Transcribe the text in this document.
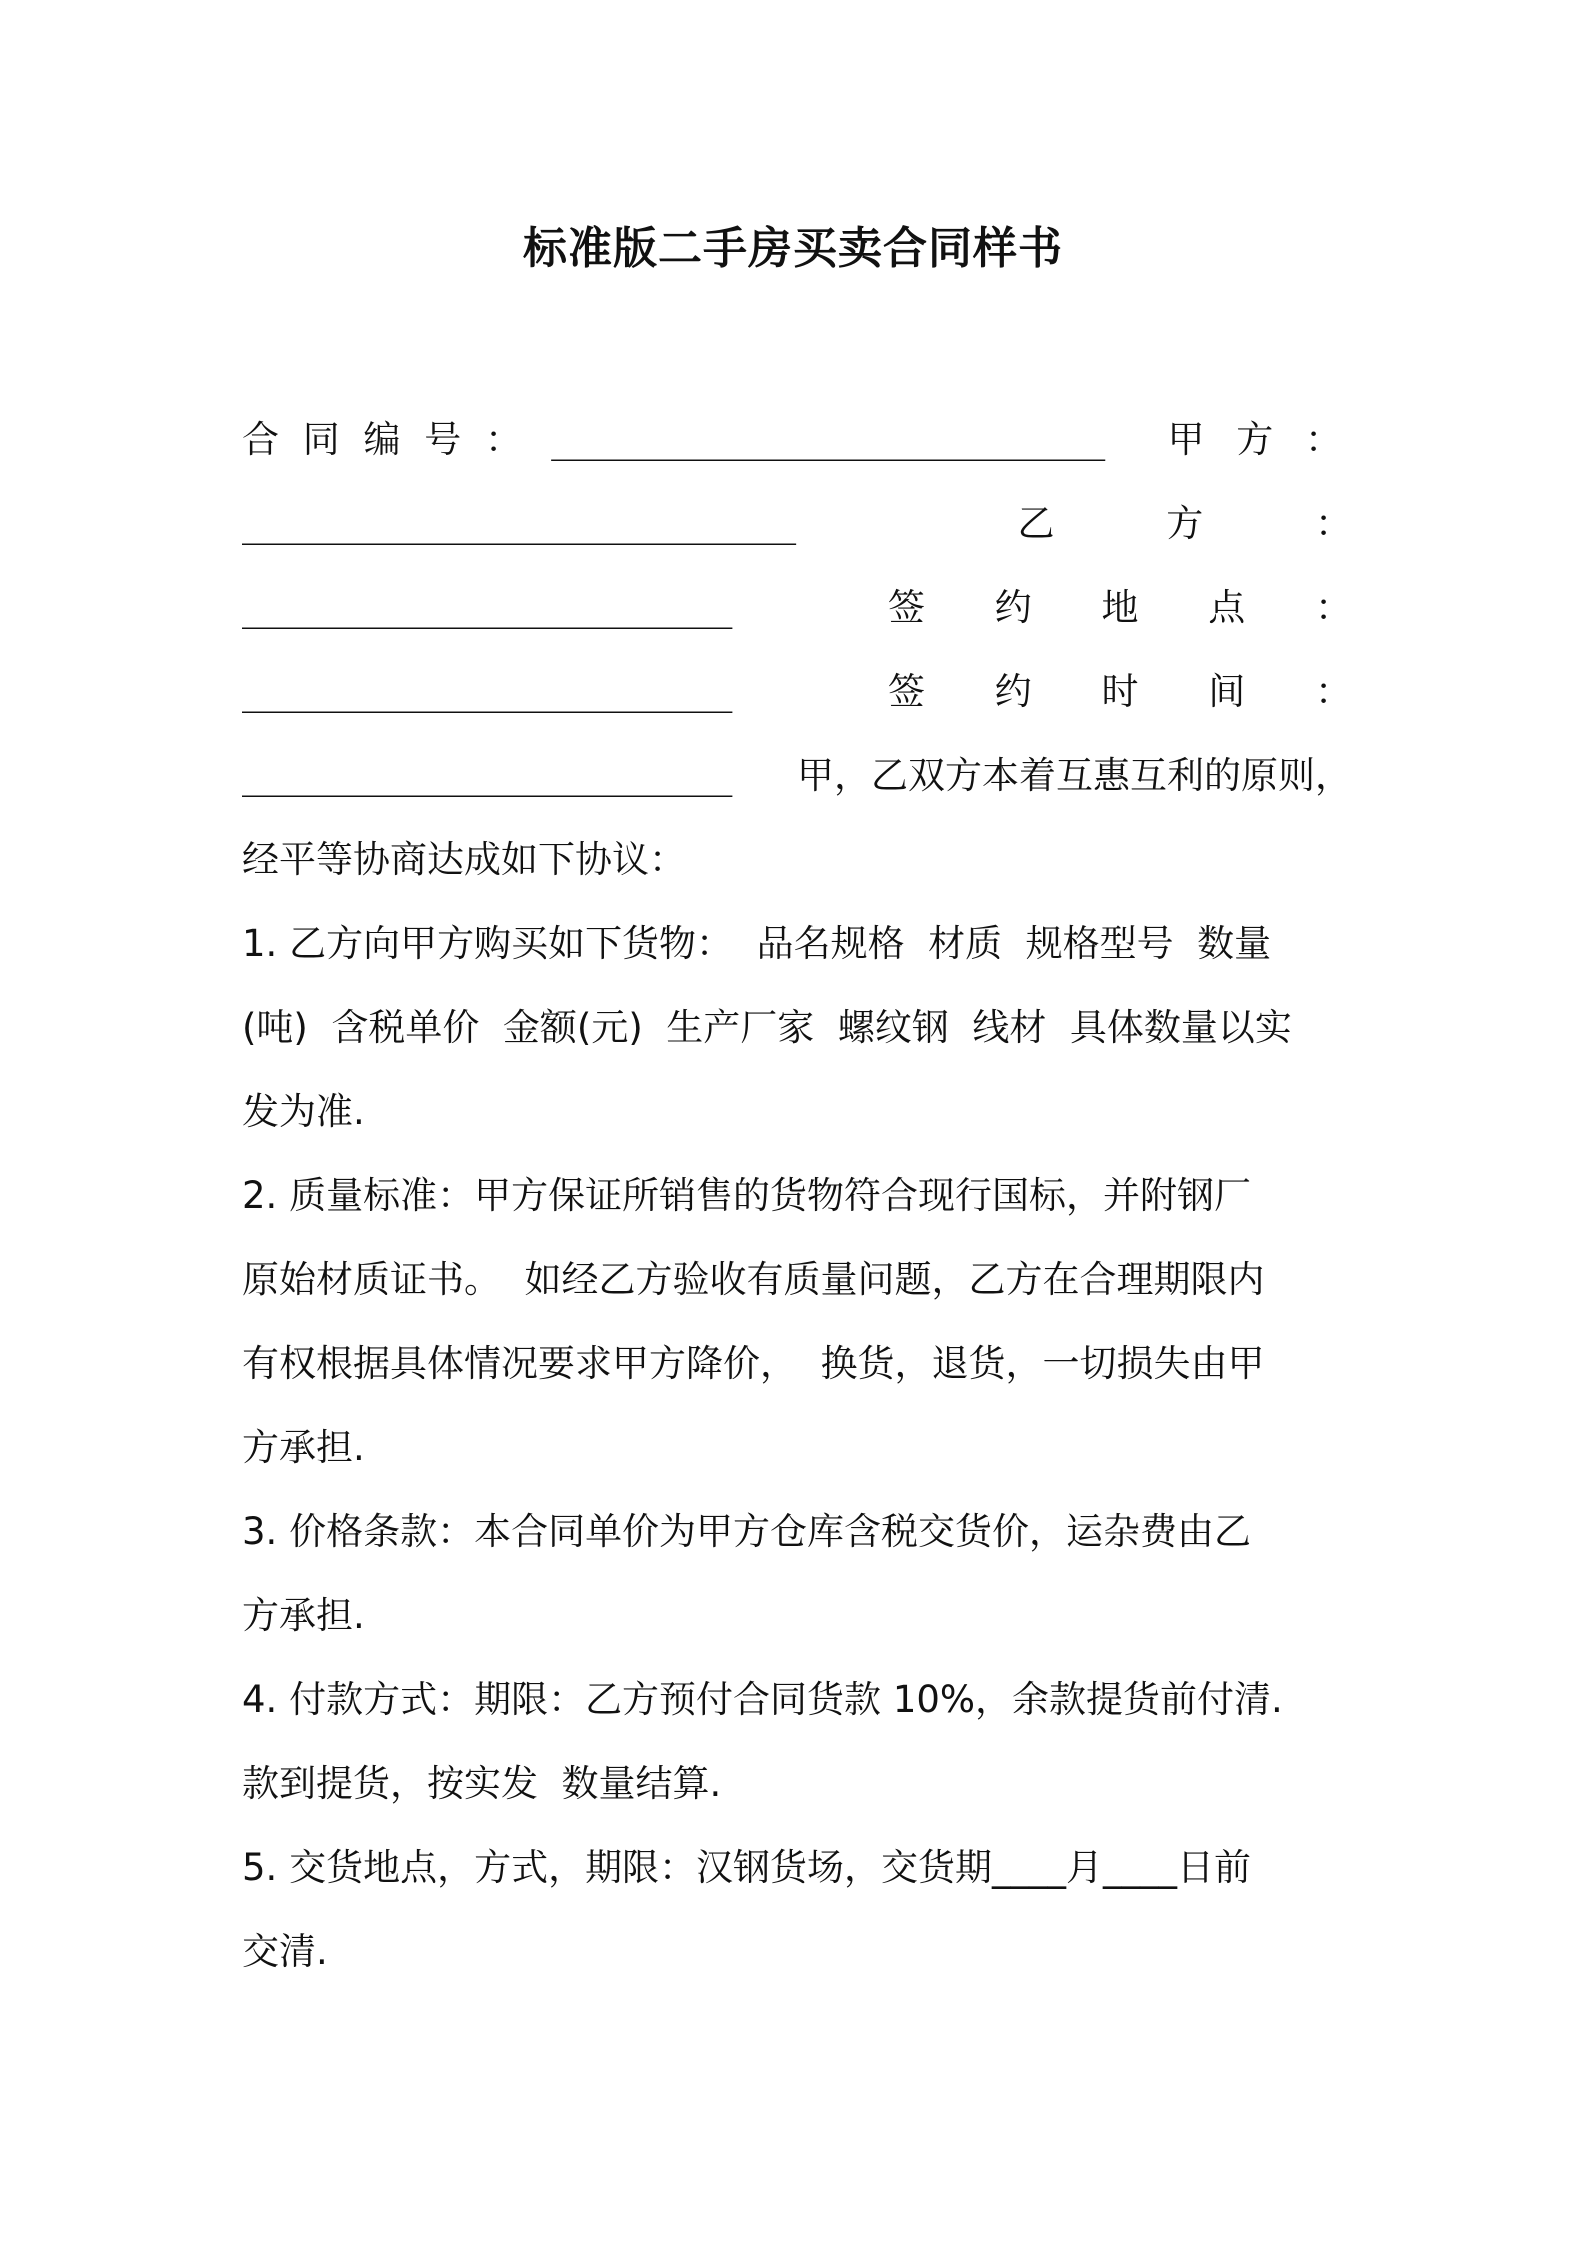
标准版二手房买卖合同样书
合 同 编 号 ： __________________________ 甲 方 ：
__________________________	乙 方 ：
_______________________	签 约 地 点 ：
_______________________	签 约 时 间 ：
_______________________ 甲，乙双方本着互惠互利的原则，
经平等协商达成如下协议：
1. 乙方向甲方购买如下货物：  品名规格  材质  规格型号  数量
(吨)  含税单价  金额(元)  生产厂家  螺纹钢  线材  具体数量以实
发为准.
2. 质量标准：甲方保证所销售的货物符合现行国标，并附钢厂
原始材质证书。  如经乙方验收有质量问题，乙方在合理期限内
有权根据具体情况要求甲方降价，  换货，退货，一切损失由甲
方承担.
3. 价格条款：本合同单价为甲方仓库含税交货价，运杂费由乙
方承担.
4. 付款方式：期限：乙方预付合同货款 10%，余款提货前付清.
款到提货，按实发  数量结算.
5. 交货地点，方式，期限：汉钢货场，交货期____月____日前
交清.
